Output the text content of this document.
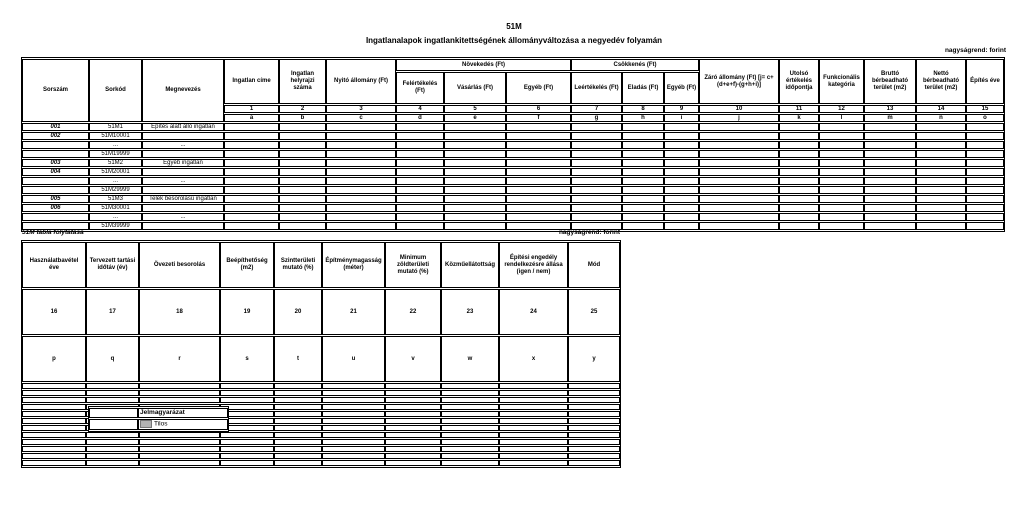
51M
Ingatlanalapok ingatlankitettségének állományváltozása a negyedév folyamán
nagyságrend: forint
Sorszám	Sorkód	Megnevezés	Ingatlan címe	Ingatlan helyrajzi száma	Nyitó állomány (Ft)	Növekedés (Ft)			Csökkenés (Ft)			Záró állomány (Ft) [j= c+(d+e+f)-(g+h+i)]	Utolsó értékelés időpontja	Funkcionális kategória	Bruttó bérbeadható terület (m2)	Nettó bérbeadható terület (m2)	Építés éve
						Felértékelés (Ft)	Vásárlás (Ft)	Egyéb (Ft)	Leértékelés (Ft)	Eladás (Ft)	Egyéb (Ft)						
			1	2	3	4	5	6	7	8	9	10	11	12	13	14	15
			a	b	c	d	e	f	g	h	i	j	k	l	m	n	o
001	51M1	Építés alatt álló ingatlan															
002	51M10001																
	...	...															
	51M19999																
003	51M2	Egyéb ingatlan															
004	51M20001																
	...	...															
	51M29999																
005	51M3	Telek besorolású ingatlan															
006	51M30001																
	...	...															
	51M39999																
51M tábla folytatása	nagyságrend: forint
Használatbavétel éve	Tervezett tartási időtáv (év)	Övezeti besorolás	Beépíthetőség (m2)	Szintterületi mutató (%)	Építménymagasság (méter)	Minimum zöldterületi mutató (%)	Közműellátottság	Építési engedély rendelkezésre állása (igen / nem)	Mód
16	17	18	19	20	21	22	23	24	25
p	q	r	s	t	u	v	w	x	y

	Jelmagyarázat
	Tilos
